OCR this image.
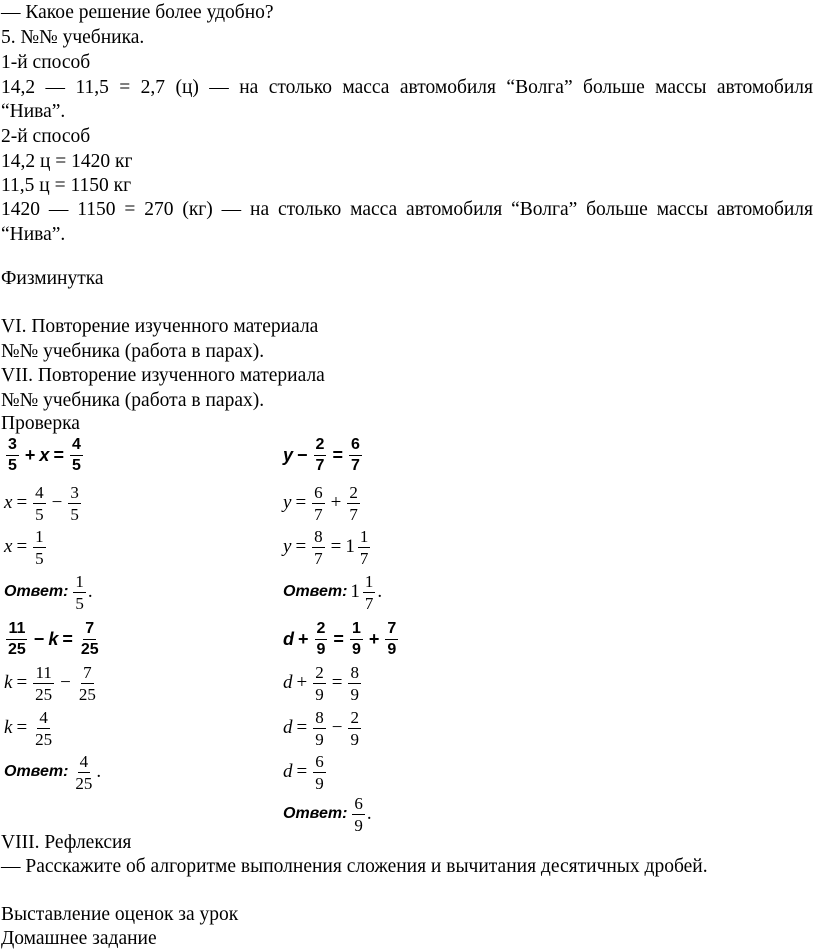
— Какое решение более удобно?
5. №№ учебника.
1-й способ
14,2 — 11,5 = 2,7 (ц) — на столько масса автомобиля “Волга” больше массы автомобиля
“Нива”.
2-й способ
14,2 ц = 1420 кг
11,5 ц = 1150 кг
1420 — 1150 = 270 (кг) — на столько масса автомобиля “Волга” больше массы автомобиля
“Нива”.
Физминутка
VI. Повторение изученного материала
№№ учебника (работа в парах).
VII. Повторение изученного материала
№№ учебника (работа в парах).
Проверка
$\frac{3}{5} + x = \frac{4}{5}$
$x = \frac{4}{5} - \frac{3}{5}$
$x = \frac{1}{5}$
Ответ: $\frac{1}{5}$ .
$\frac{11}{25} - k = \frac{7}{25}$
$k = \frac{11}{25} - \frac{7}{25}$
$k = \frac{4}{25}$
Ответ: $\frac{4}{25}$ .
$y - \frac{2}{7} = \frac{6}{7}$
$y = \frac{6}{7} + \frac{2}{7}$
$y = \frac{8}{7} = 1 \frac{1}{7}$
Ответ: $1 \frac{1}{7}$ .
$d + \frac{2}{9} = \frac{1}{9} + \frac{7}{9}$
$d + \frac{2}{9} = \frac{8}{9}$
$d = \frac{8}{9} - \frac{2}{9}$
$d = \frac{6}{9}$
Ответ: $\frac{6}{9}$ .
VIII. Рефлексия
— Расскажите об алгоритме выполнения сложения и вычитания десятичных дробей.
Выставление оценок за урок
Домашнее задание
